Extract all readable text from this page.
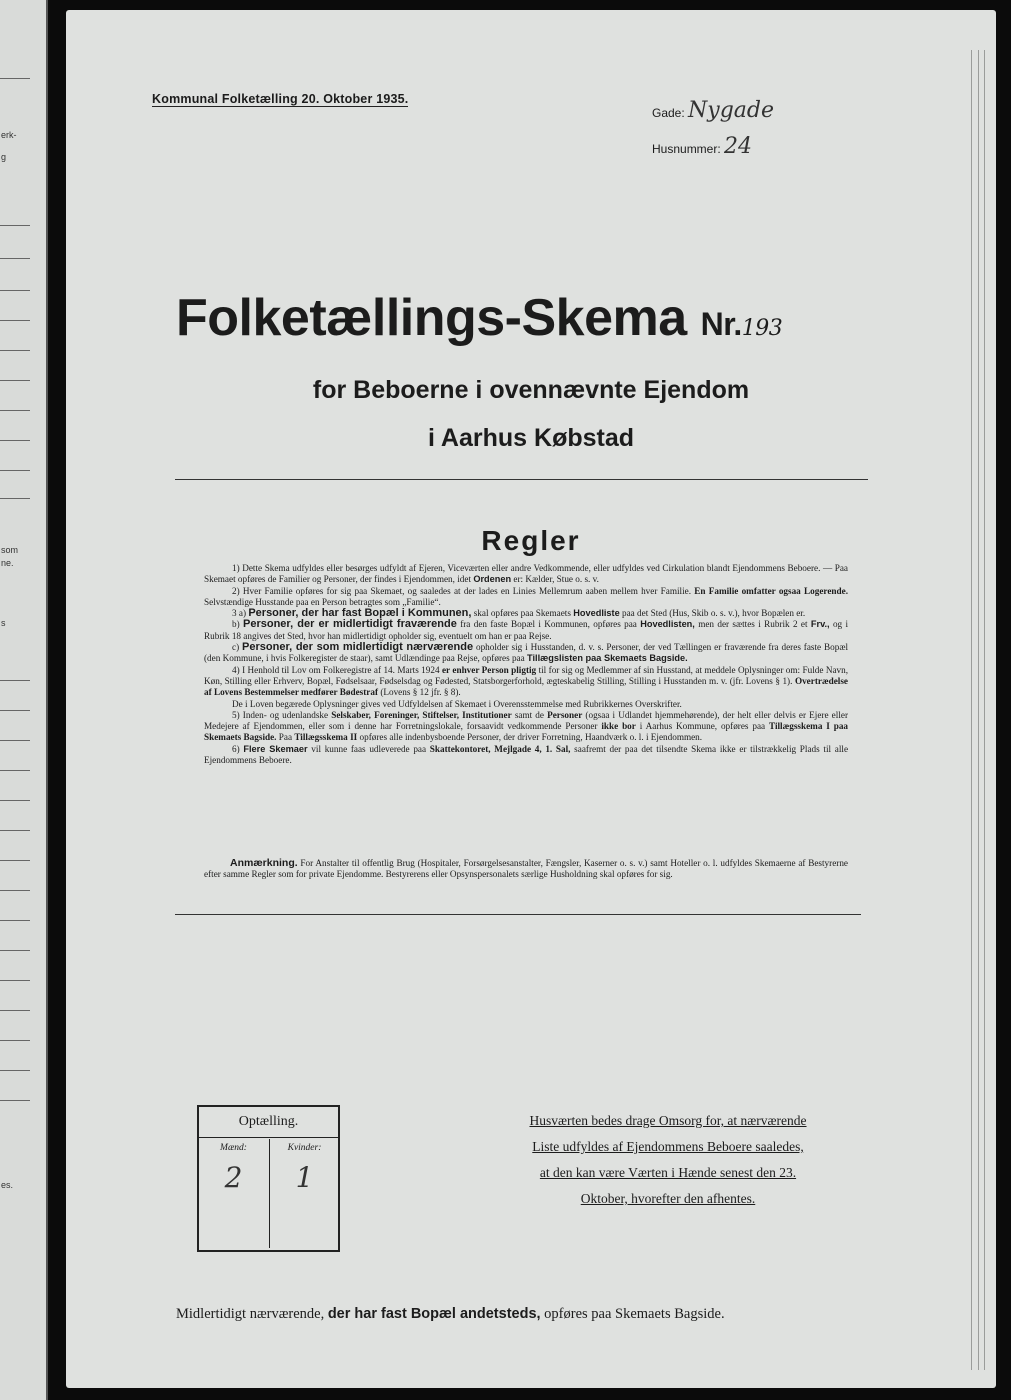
erk-
g
som
ne.
s
es.
Kommunal Folketælling 20. Oktober 1935.
Gade: Nygade
Husnummer: 24
Folketællings-Skema Nr.193
for Beboerne i ovennævnte Ejendom
i Aarhus Købstad
Regler

1) Dette Skema udfyldes eller besørges udfyldt af Ejeren, Viceværten eller andre Vedkommende, eller udfyldes ved Cirkulation blandt Ejendommens Beboere. — Paa Skemaet opføres de Familier og Personer, der findes i Ejendommen, idet Ordenen er: Kælder, Stue o. s. v.

2) Hver Familie opføres for sig paa Skemaet, og saaledes at der lades en Linies Mellemrum aaben mellem hver Familie. En Familie omfatter ogsaa Logerende. Selvstændige Husstande paa en Person betragtes som „Familie“.

3 a) Personer, der har fast Bopæl i Kommunen, skal opføres paa Skemaets Hovedliste paa det Sted (Hus, Skib o. s. v.), hvor Bopælen er.

b) Personer, der er midlertidigt fraværende fra den faste Bopæl i Kommunen, opføres paa Hovedlisten, men der sættes i Rubrik 2 et Frv., og i Rubrik 18 angives det Sted, hvor han midlertidigt opholder sig, eventuelt om han er paa Rejse.

c) Personer, der som midlertidigt nærværende opholder sig i Husstanden, d. v. s. Personer, der ved Tællingen er fraværende fra deres faste Bopæl (den Kommune, i hvis Folkeregister de staar), samt Udlændinge paa Rejse, opføres paa Tillægslisten paa Skemaets Bagside.

4) I Henhold til Lov om Folkeregistre af 14. Marts 1924 er enhver Person pligtig til for sig og Medlemmer af sin Husstand, at meddele Oplysninger om: Fulde Navn, Køn, Stilling eller Erhverv, Bopæl, Fødselsaar, Fødselsdag og Fødested, Statsborgerforhold, ægteskabelig Stilling, Stilling i Husstanden m. v. (jfr. Lovens § 1). Overtrædelse af Lovens Bestemmelser medfører Bødestraf (Lovens § 12 jfr. § 8).

De i Loven begærede Oplysninger gives ved Udfyldelsen af Skemaet i Overensstemmelse med Rubrikkernes Overskrifter.

5) Inden- og udenlandske Selskaber, Foreninger, Stiftelser, Institutioner samt de Personer (ogsaa i Udlandet hjemmehørende), der helt eller delvis er Ejere eller Medejere af Ejendommen, eller som i denne har Forretningslokale, forsaavidt vedkommende Personer ikke bor i Aarhus Kommune, opføres paa Tillægsskema I paa Skemaets Bagside. Paa Tillægsskema II opføres alle indenbysboende Personer, der driver Forretning, Haandværk o. l. i Ejendommen.

6) Flere Skemaer vil kunne faas udleverede paa Skattekontoret, Mejlgade 4, 1. Sal, saafremt der paa det tilsendte Skema ikke er tilstrækkelig Plads til alle Ejendommens Beboere.

Anmærkning. For Anstalter til offentlig Brug (Hospitaler, Forsørgelsesanstalter, Fængsler, Kaserner o. s. v.) samt Hoteller o. l. udfyldes Skemaerne af Bestyrerne efter samme Regler som for private Ejendomme. Bestyrerens eller Opsynspersonalets særlige Husholdning skal opføres for sig.
Optælling.
Mænd:
2
Kvinder:
1
Husværten bedes drage Omsorg for, at nærværende
Liste udfyldes af Ejendommens Beboere saaledes,
at den kan være Værten i Hænde senest den 23.
Oktober, hvorefter den afhentes.
Midlertidigt nærværende, der har fast Bopæl andetsteds, opføres paa Skemaets Bagside.
